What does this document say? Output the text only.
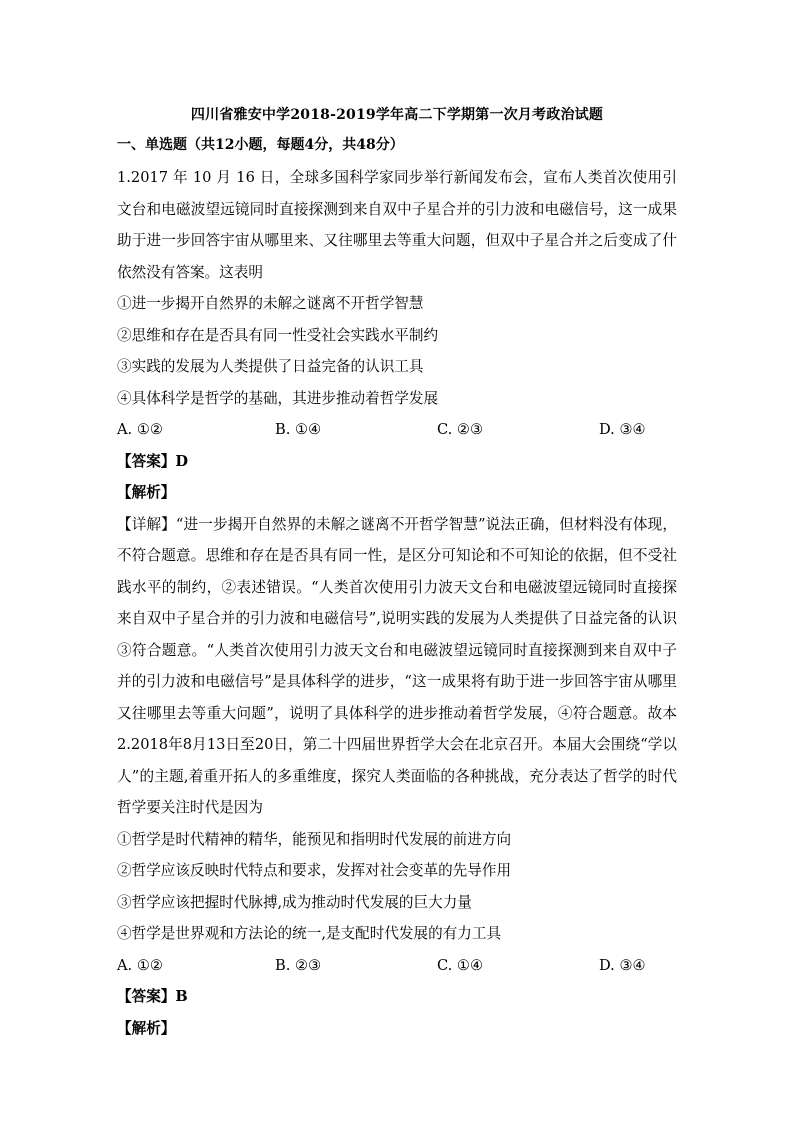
四川省雅安中学2018-2019学年高二下学期第一次月考政治试题
一、单选题（共12小题，每题4分，共48分）
1.2017 年 10 月 16 日，全球多国科学家同步举行新闻发布会，宣布人类首次使用引
文台和电磁波望远镜同时直接探测到来自双中子星合并的引力波和电磁信号，这一成果
助于进一步回答宇宙从哪里来、又往哪里去等重大问题，但双中子星合并之后变成了什
依然没有答案。这表明
①进一步揭开自然界的未解之谜离不开哲学智慧
②思维和存在是否具有同一性受社会实践水平制约
③实践的发展为人类提供了日益完备的认识工具
④具体科学是哲学的基础，其进步推动着哲学发展
A. ①②	B. ①④	C. ②③	D. ③④
【答案】D
【解析】
【详解】“进一步揭开自然界的未解之谜离不开哲学智慧”说法正确，但材料没有体现，
不符合题意。思维和存在是否具有同一性，是区分可知论和不可知论的依据，但不受社
践水平的制约，②表述错误。“人类首次使用引力波天文台和电磁波望远镜同时直接探
来自双中子星合并的引力波和电磁信号”,说明实践的发展为人类提供了日益完备的认识
③符合题意。“人类首次使用引力波天文台和电磁波望远镜同时直接探测到来自双中子
并的引力波和电磁信号”是具体科学的进步，“这一成果将有助于进一步回答宇宙从哪里
又往哪里去等重大问题”，说明了具体科学的进步推动着哲学发展，④符合题意。故本
2.2018年8月13日至20日，第二十四届世界哲学大会在北京召开。本届大会围绕“学以
人”的主题,着重开拓人的多重维度，探究人类面临的各种挑战，充分表达了哲学的时代
哲学要关注时代是因为
①哲学是时代精神的精华，能预见和指明时代发展的前进方向
②哲学应该反映时代特点和要求，发挥对社会变革的先导作用
③哲学应该把握时代脉搏,成为推动时代发展的巨大力量
④哲学是世界观和方法论的统一,是支配时代发展的有力工具
A. ①②	B. ②③	C. ①④	D. ③④
【答案】B
【解析】
